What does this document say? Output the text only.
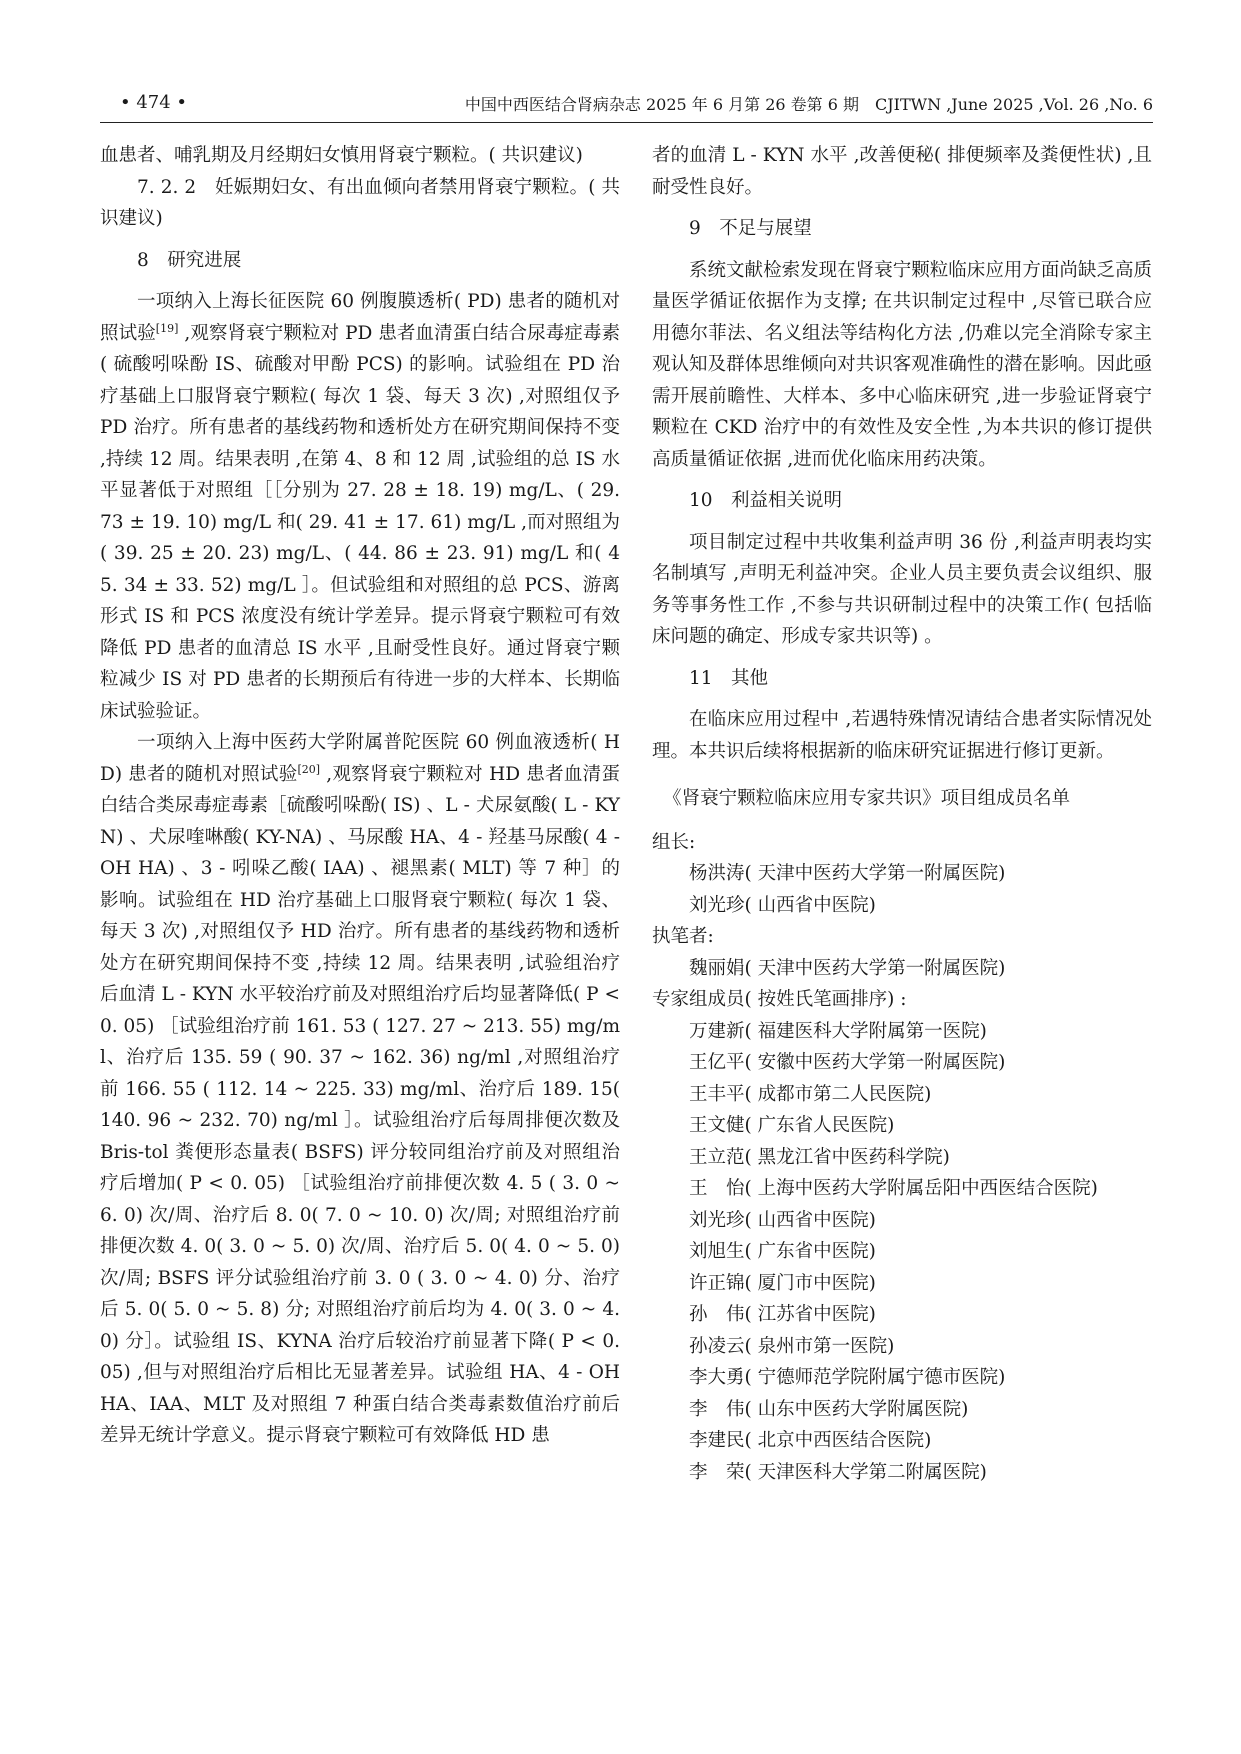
• 474 •	中国中西医结合肾病杂志 2025 年 6 月第 26 卷第 6 期　CJITWN ,June 2025 ,Vol. 26 ,No. 6

血患者、哺乳期及月经期妇女慎用肾衰宁颗粒。( 共识建议)

7. 2. 2　妊娠期妇女、有出血倾向者禁用肾衰宁颗粒。( 共识建议)

8　研究进展

一项纳入上海长征医院 60 例腹膜透析( PD) 患者的随机对照试验[19] ,观察肾衰宁颗粒对 PD 患者血清蛋白结合尿毒症毒素( 硫酸吲哚酚 IS、硫酸对甲酚 PCS) 的影响。试验组在 PD 治疗基础上口服肾衰宁颗粒( 每次 1 袋、每天 3 次) ,对照组仅予 PD 治疗。所有患者的基线药物和透析处方在研究期间保持不变 ,持续 12 周。结果表明 ,在第 4、8 和 12 周 ,试验组的总 IS 水平显著低于对照组［［分别为 27. 28 ± 18. 19) mg/L、( 29. 73 ± 19. 10) mg/L 和( 29. 41 ± 17. 61) mg/L ,而对照组为( 39. 25 ± 20. 23) mg/L、( 44. 86 ± 23. 91) mg/L 和( 45. 34 ± 33. 52) mg/L ］。但试验组和对照组的总 PCS、游离形式 IS 和 PCS 浓度没有统计学差异。提示肾衰宁颗粒可有效降低 PD 患者的血清总 IS 水平 ,且耐受性良好。通过肾衰宁颗粒减少 IS 对 PD 患者的长期预后有待进一步的大样本、长期临床试验验证。

一项纳入上海中医药大学附属普陀医院 60 例血液透析( HD) 患者的随机对照试验[20] ,观察肾衰宁颗粒对 HD 患者血清蛋白结合类尿毒症毒素［硫酸吲哚酚( IS) 、L - 犬尿氨酸( L - KYN) 、犬尿喹啉酸( KY-NA) 、马尿酸 HA、4 - 羟基马尿酸( 4 - OH HA) 、3 - 吲哚乙酸( IAA) 、褪黑素( MLT) 等 7 种］的影响。试验组在 HD 治疗基础上口服肾衰宁颗粒( 每次 1 袋、每天 3 次) ,对照组仅予 HD 治疗。所有患者的基线药物和透析处方在研究期间保持不变 ,持续 12 周。结果表明 ,试验组治疗后血清 L - KYN 水平较治疗前及对照组治疗后均显著降低( P < 0. 05) ［试验组治疗前 161. 53 ( 127. 27 ~ 213. 55) mg/ml、治疗后 135. 59 ( 90. 37 ~ 162. 36) ng/ml ,对照组治疗前 166. 55 ( 112. 14 ~ 225. 33) mg/ml、治疗后 189. 15( 140. 96 ~ 232. 70) ng/ml ］。试验组治疗后每周排便次数及 Bris-tol 粪便形态量表( BSFS) 评分较同组治疗前及对照组治疗后增加( P < 0. 05) ［试验组治疗前排便次数 4. 5 ( 3. 0 ~ 6. 0) 次/周、治疗后 8. 0( 7. 0 ~ 10. 0) 次/周; 对照组治疗前排便次数 4. 0( 3. 0 ~ 5. 0) 次/周、治疗后 5. 0( 4. 0 ~ 5. 0) 次/周; BSFS 评分试验组治疗前 3. 0 ( 3. 0 ~ 4. 0) 分、治疗后 5. 0( 5. 0 ~ 5. 8) 分; 对照组治疗前后均为 4. 0( 3. 0 ~ 4. 0) 分］。试验组 IS、KYNA 治疗后较治疗前显著下降( P < 0. 05) ,但与对照组治疗后相比无显著差异。试验组 HA、4 - OH HA、IAA、MLT 及对照组 7 种蛋白结合类毒素数值治疗前后差异无统计学意义。提示肾衰宁颗粒可有效降低 HD 患

者的血清 L - KYN 水平 ,改善便秘( 排便频率及粪便性状) ,且耐受性良好。

9　不足与展望

系统文献检索发现在肾衰宁颗粒临床应用方面尚缺乏高质量医学循证依据作为支撑; 在共识制定过程中 ,尽管已联合应用德尔菲法、名义组法等结构化方法 ,仍难以完全消除专家主观认知及群体思维倾向对共识客观准确性的潜在影响。因此亟需开展前瞻性、大样本、多中心临床研究 ,进一步验证肾衰宁颗粒在 CKD 治疗中的有效性及安全性 ,为本共识的修订提供高质量循证依据 ,进而优化临床用药决策。

10　利益相关说明

项目制定过程中共收集利益声明 36 份 ,利益声明表均实名制填写 ,声明无利益冲突。企业人员主要负责会议组织、服务等事务性工作 ,不参与共识研制过程中的决策工作( 包括临床问题的确定、形成专家共识等) 。

11　其他

在临床应用过程中 ,若遇特殊情况请结合患者实际情况处理。本共识后续将根据新的临床研究证据进行修订更新。

《肾衰宁颗粒临床应用专家共识》项目组成员名单

组长:

杨洪涛( 天津中医药大学第一附属医院)

刘光珍( 山西省中医院)

执笔者:

魏丽娟( 天津中医药大学第一附属医院)

专家组成员( 按姓氏笔画排序) :

万建新( 福建医科大学附属第一医院)

王亿平( 安徽中医药大学第一附属医院)

王丰平( 成都市第二人民医院)

王文健( 广东省人民医院)

王立范( 黑龙江省中医药科学院)

王　怡( 上海中医药大学附属岳阳中西医结合医院)

刘光珍( 山西省中医院)

刘旭生( 广东省中医院)

许正锦( 厦门市中医院)

孙　伟( 江苏省中医院)

孙凌云( 泉州市第一医院)

李大勇( 宁德师范学院附属宁德市医院)

李　伟( 山东中医药大学附属医院)

李建民( 北京中西医结合医院)

李　荣( 天津医科大学第二附属医院)
